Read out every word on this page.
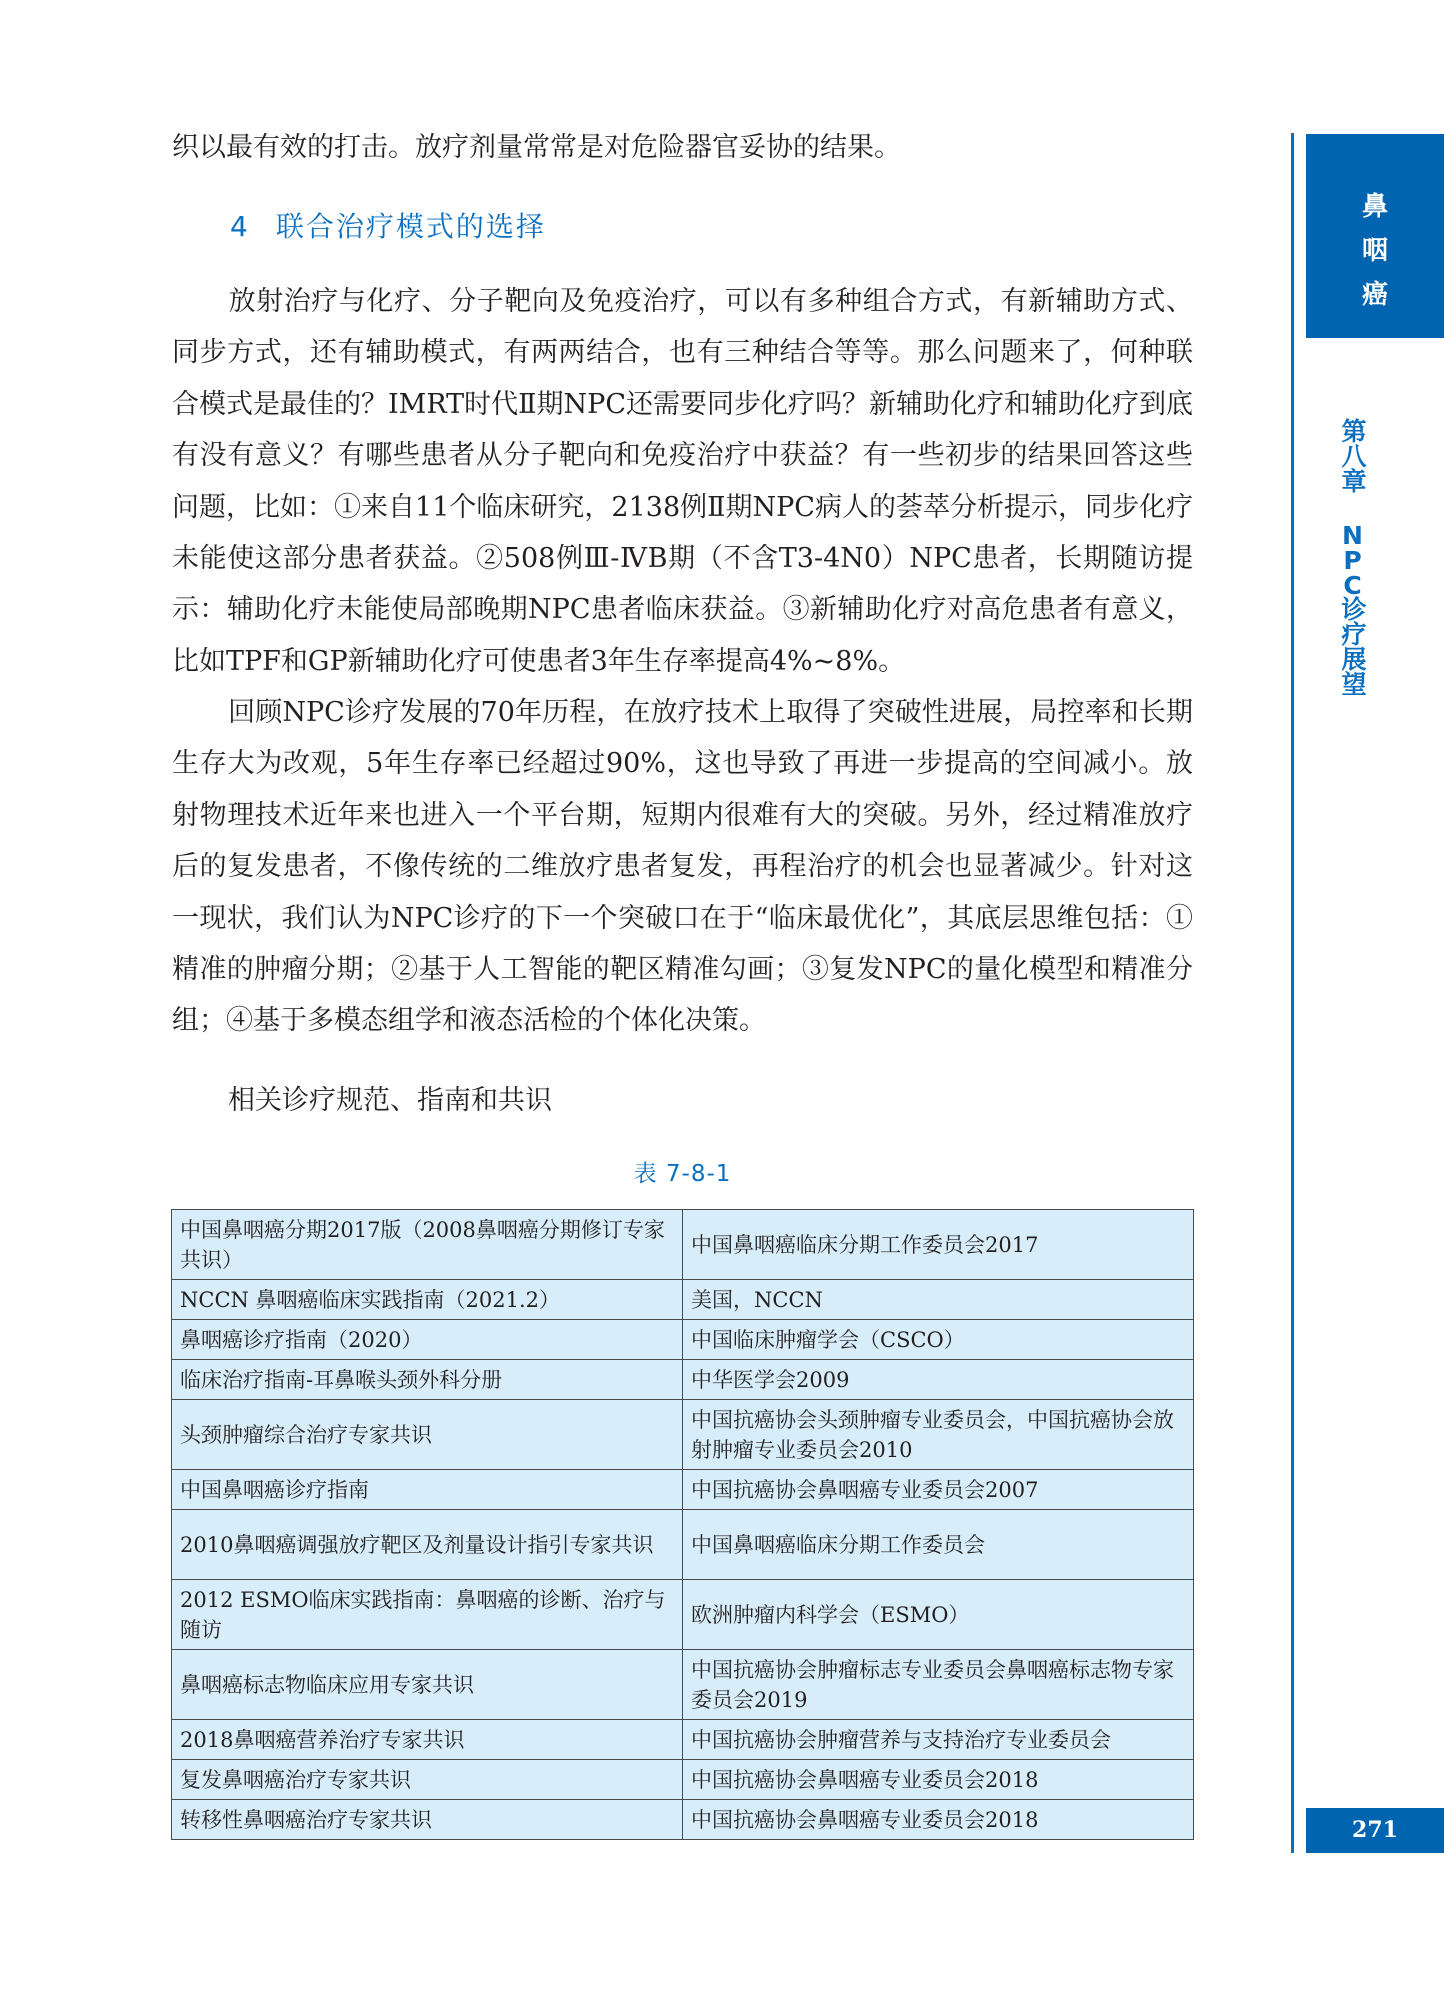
织以最有效的打击。放疗剂量常常是对危险器官妥协的结果。
4 联合治疗模式的选择
放射治疗与化疗、分子靶向及免疫治疗，可以有多种组合方式，有新辅助方式、同步方式，还有辅助模式，有两两结合，也有三种结合等等。那么问题来了，何种联合模式是最佳的？IMRT时代Ⅱ期NPC还需要同步化疗吗？新辅助化疗和辅助化疗到底有没有意义？有哪些患者从分子靶向和免疫治疗中获益？有一些初步的结果回答这些问题，比如：①来自11个临床研究，2138例Ⅱ期NPC病人的荟萃分析提示，同步化疗未能使这部分患者获益。②508例Ⅲ-ⅣB期（不含T3-4N0）NPC患者，长期随访提示：辅助化疗未能使局部晚期NPC患者临床获益。③新辅助化疗对高危患者有意义，比如TPF和GP新辅助化疗可使患者3年生存率提高4%~8%。
回顾NPC诊疗发展的70年历程，在放疗技术上取得了突破性进展，局控率和长期生存大为改观，5年生存率已经超过90%，这也导致了再进一步提高的空间减小。放射物理技术近年来也进入一个平台期，短期内很难有大的突破。另外，经过精准放疗后的复发患者，不像传统的二维放疗患者复发，再程治疗的机会也显著减少。针对这一现状，我们认为NPC诊疗的下一个突破口在于“临床最优化”，其底层思维包括：①精准的肿瘤分期；②基于人工智能的靶区精准勾画；③复发NPC的量化模型和精准分组；④基于多模态组学和液态活检的个体化决策。
相关诊疗规范、指南和共识
表 7-8-1
中国鼻咽癌分期2017版（2008鼻咽癌分期修订专家共识）	中国鼻咽癌临床分期工作委员会2017
NCCN 鼻咽癌临床实践指南（2021.2）	美国，NCCN
鼻咽癌诊疗指南（2020）	中国临床肿瘤学会（CSCO）
临床治疗指南-耳鼻喉头颈外科分册	中华医学会2009
头颈肿瘤综合治疗专家共识	中国抗癌协会头颈肿瘤专业委员会，中国抗癌协会放射肿瘤专业委员会2010
中国鼻咽癌诊疗指南	中国抗癌协会鼻咽癌专业委员会2007
2010鼻咽癌调强放疗靶区及剂量设计指引专家共识	中国鼻咽癌临床分期工作委员会
2012 ESMO临床实践指南：鼻咽癌的诊断、治疗与随访	欧洲肿瘤内科学会（ESMO）
鼻咽癌标志物临床应用专家共识	中国抗癌协会肿瘤标志专业委员会鼻咽癌标志物专家委员会2019
2018鼻咽癌营养治疗专家共识	中国抗癌协会肿瘤营养与支持治疗专业委员会
复发鼻咽癌治疗专家共识	中国抗癌协会鼻咽癌专业委员会2018
转移性鼻咽癌治疗专家共识	中国抗癌协会鼻咽癌专业委员会2018
鼻
咽
癌
第八章NPC诊疗展望
271
